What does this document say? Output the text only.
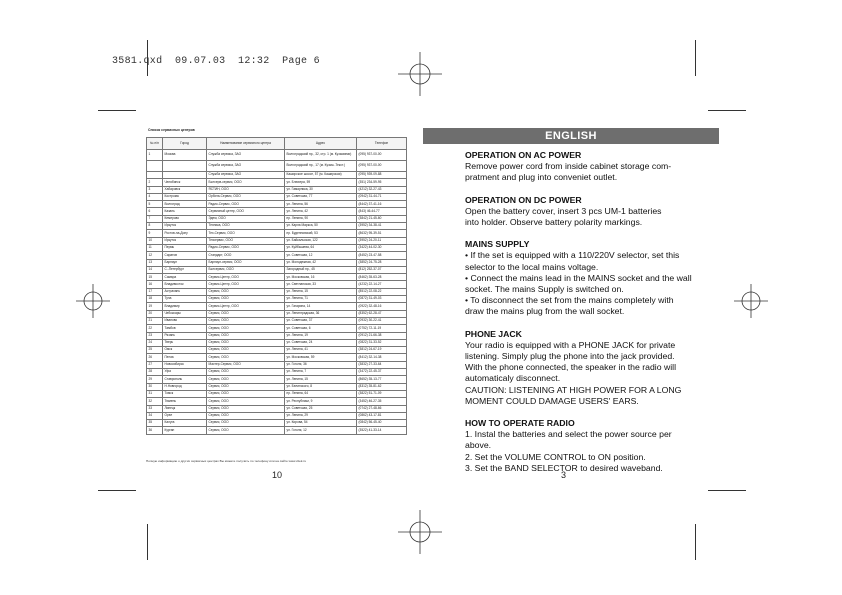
3581.qxd  09.07.03  12:32  Page 6
Список сервисных центров
№ п/п	Город	Наименование сервисного центра	Адрес	Телефон
1	Москва	Служба сервиса, ЗАО	Волгоградский пр., 32, стр. 1 (м. Кузьминки)	(095) 937-00-00
		Служба сервиса, ЗАО	Волгоградский пр., 17 (м. Кузьм.-Текст.)	(095) 937-00-00
		Служба сервиса, ЗАО	Каширское шоссе, 57 (м. Каширская)	(095) 939-09-88
2	Челябинск	Бытсерв-сервис, ООО	ул. Блюхера, 59	(351) 234-59-95
3	Хабаровск	ЯСТИН, ООО	ул. Гамарника, 30	(4212) 32-27-43
4	Кострома	Орбита-Сервис, ООО	ул. Советская, 77	(0942) 31-44-71
5	Волгоград	Радио-Сервис, ООО	ул. Ленина, 56	(8442) 37-41-16
6	Казань	Сервисный центр, ООО	ул. Ленина, 42	(843) 46-44-77
7	Кемерово	Эдем, ООО	пр. Ленина, 90	(3842) 21-45-60
8	Иркутск	Техника, ООО	ул. Карла Маркса, 50	(3952) 34-38-41
9	Ростов-на-Дону	Тех-Сервис, ООО	пр. Буденновский, 53	(8632) 95-39-51
10	Иркутск	Техсервис, ООО	ул. Байкальская, 122	(3952) 24-20-11
11	Пермь	Радио-Сервис, ООО	ул. Куйбышева, 64	(3422) 44-02-30
12	Саратов	Стандарт, ООО	ул. Советская, 12	(8452) 23-47-58
13	Барнаул	Барнаул-сервис, ООО	ул. Молодежная, 42	(3852) 24-75-28
14	С.-Петербург	Бытсервис, ООО	Загородный пр., 45	(812) 252-37-07
15	Самара	Сервис-Центр, ООО	ул. Московская, 16	(8462) 35-63-28
16	Владивосток	Сервис-Центр, ООО	ул. Светланская, 33	(4232) 22-14-27
17	Астрахань	Сервис, ООО	ул. Ленина, 15	(8512) 22-08-22
18	Тула	Сервис, ООО	ул. Ленина, 71	(0872) 31-49-03
19	Владимир	Сервис-Центр, ООО	ул. Гагарина, 14	(0922) 32-48-16
20	Чебоксары	Сервис, ООО	ул. Ленинградская, 36	(8352) 62-28-47
21	Иваново	Сервис, ООО	ул. Советская, 37	(0932) 30-22-41
22	Тамбов	Сервис, ООО	ул. Советская, 6	(0752) 72-11-19
23	Рязань	Сервис, ООО	ул. Ленина, 19	(0912) 21-66-38
24	Тверь	Сервис, ООО	ул. Советская, 24	(0822) 31-33-52
25	Омск	Сервис, ООО	ул. Ленина, 41	(3812) 24-67-19
26	Пенза	Сервис, ООО	ул. Московская, 59	(8412) 32-14-38
27	Новосибирск	Мастер-Сервис, ООО	ул. Гоголя, 36	(3832) 27-33-64
28	Уфа	Сервис, ООО	ул. Ленина, 7	(3472) 22-45-37
29	Ставрополь	Сервис, ООО	ул. Ленина, 15	(8652) 35-13-77
30	Н.Новгород	Сервис, ООО	ул. Белинского, 8	(8312) 35-81-62
31	Томск	Сервис, ООО	пр. Ленина, 64	(3822) 51-71-09
32	Тюмень	Сервис, ООО	ул. Республики, 9	(3452) 46-27-35
33	Липецк	Сервис, ООО	ул. Советская, 25	(0742) 27-48-66
34	Орел	Сервис, ООО	ул. Ленина, 29	(0862) 43-17-81
35	Калуга	Сервис, ООО	ул. Кирова, 54	(0842) 56-45-40
36	Курган	Сервис, ООО	ул. Гоголя, 12	(3522) 41-33-14
Полную информацию о других сервисных центрах Вы можете получить по телефону или на сайте www.vitek.ru
10
ENGLISH
OPERATION ON AC POWER

Remove power cord from inside cabinet storage com-

pratment and plug into conveniet outlet.

OPERATION ON DC POWER

Open the battery cover, insert 3 pcs UM-1 batteries

into holder. Observe battery polarity markings.

MAINS SUPPLY

• If the set is equipped with a 110/220V selector, set this

selector to the local mains voltage.

• Connect the mains lead in the MAINS socket and the wall

socket. The mains Supply is switched on.

• To disconnect the set from the mains completely with

draw the mains plug from the wall socket.

PHONE JACK

Your radio is equipped with a PHONE JACK for private

listening. Simply plug the phone into the jack provided.

With the phone connected, the speaker in the radio will

automaticaly disconnect.

CAUTION: LISTENING AT HIGH POWER FOR A LONG

MOMENT COULD DAMAGE USERS' EARS.

HOW TO OPERATE RADIO

1. Instal the batteries and select the power source per

above.

2. Set the VOLUME CONTROL to ON position.

3. Set the BAND SELECTOR to desired waveband.

3
